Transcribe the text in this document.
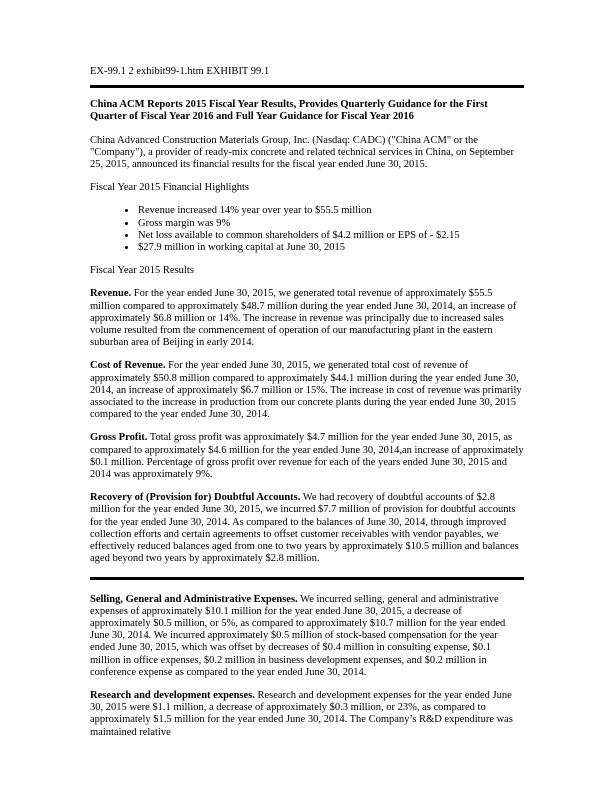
EX-99.1 2 exhibit99-1.htm EXHIBIT 99.1

China ACM Reports 2015 Fiscal Year Results, Provides Quarterly Guidance for the First Quarter of Fiscal Year 2016 and Full Year Guidance for Fiscal Year 2016

China Advanced Construction Materials Group, Inc. (Nasdaq: CADC) ("China ACM" or the "Company"), a provider of ready-mix concrete and related technical services in China, on September 25, 2015, announced its financial results for the fiscal year ended June 30, 2015.

Fiscal Year 2015 Financial Highlights

• Revenue increased 14% year over year to $55.5 million
• Gross margin was 9%
• Net loss available to common shareholders of $4.2 million or EPS of - $2.15
• $27.9 million in working capital at June 30, 2015

Fiscal Year 2015 Results

Revenue. For the year ended June 30, 2015, we generated total revenue of approximately $55.5 million compared to approximately $48.7 million during the year ended June 30, 2014, an increase of approximately $6.8 million or 14%. The increase in revenue was principally due to increased sales volume resulted from the commencement of operation of our manufacturing plant in the eastern suburban area of Beijing in early 2014.

Cost of Revenue. For the year ended June 30, 2015, we generated total cost of revenue of approximately $50.8 million compared to approximately $44.1 million during the year ended June 30, 2014, an increase of approximately $6.7 million or 15%. The increase in cost of revenue was primarily associated to the increase in production from our concrete plants during the year ended June 30, 2015 compared to the year ended June 30, 2014.

Gross Profit. Total gross profit was approximately $4.7 million for the year ended June 30, 2015, as compared to approximately $4.6 million for the year ended June 30, 2014,an increase of approximately $0.1 million. Percentage of gross profit over revenue for each of the years ended June 30, 2015 and 2014 was approximately 9%.

Recovery of (Provision for) Doubtful Accounts. We had recovery of doubtful accounts of $2.8 million for the year ended June 30, 2015, we incurred $7.7 million of provision for doubtful accounts for the year ended June 30, 2014. As compared to the balances of June 30, 2014, through improved collection efforts and certain agreements to offset customer receivables with vendor payables, we effectively reduced balances aged from one to two years by approximately $10.5 million and balances aged beyond two years by approximately $2.8 million.

Selling, General and Administrative Expenses. We incurred selling, general and administrative expenses of approximately $10.1 million for the year ended June 30, 2015, a decrease of approximately $0.5 million, or 5%, as compared to approximately $10.7 million for the year ended June 30, 2014. We incurred approximately $0.5 million of stock-based compensation for the year ended June 30, 2015, which was offset by decreases of $0.4 million in consulting expense, $0.1 million in office expenses, $0.2 million in business development expenses, and $0.2 million in conference expense as compared to the year ended June 30, 2014.

Research and development expenses. Research and development expenses for the year ended June 30, 2015 were $1.1 million, a decrease of approximately $0.3 million, or 23%, as compared to approximately $1.5 million for the year ended June 30, 2014. The Company’s R&D expenditure was maintained relative
